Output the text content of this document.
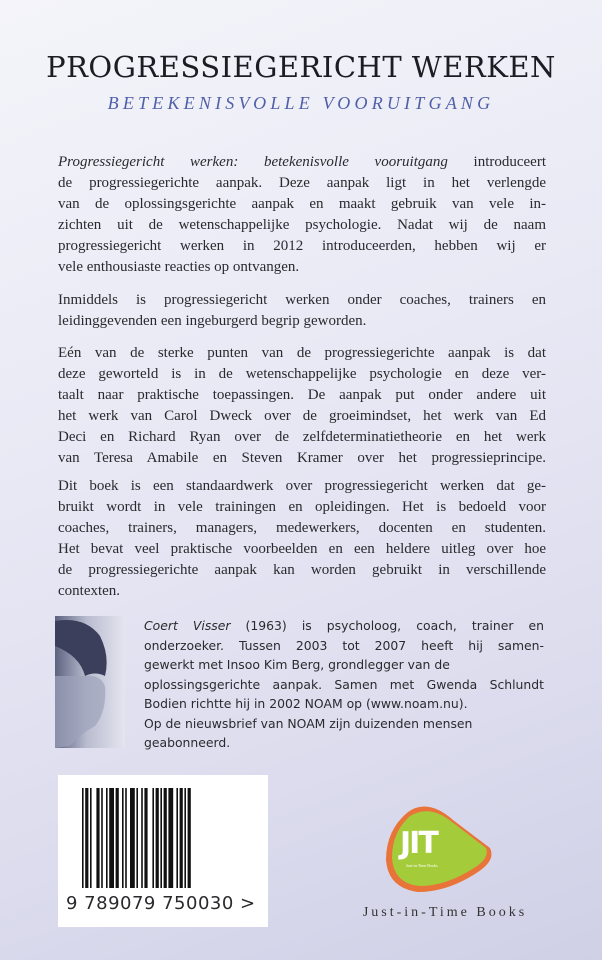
PROGRESSIEGERICHT WERKEN
BETEKENISVOLLE VOORUITGANG
Progressiegericht werken: betekenisvolle vooruitgang introduceert
de progressiegerichte aanpak. Deze aanpak ligt in het verlengde
van de oplossingsgerichte aanpak en maakt gebruik van vele in-
zichten uit de wetenschappelijke psychologie. Nadat wij de naam
progressiegericht werken in 2012 introduceerden, hebben wij er
vele enthousiaste reacties op ontvangen.
Inmiddels is progressiegericht werken onder coaches, trainers en
leidinggevenden een ingeburgerd begrip geworden.
Eén van de sterke punten van de progressiegerichte aanpak is dat
deze geworteld is in de wetenschappelijke psychologie en deze ver-
taalt naar praktische toepassingen. De aanpak put onder andere uit
het werk van Carol Dweck over de groeimindset, het werk van Ed
Deci en Richard Ryan over de zelfdeterminatietheorie en het werk
van Teresa Amabile en Steven Kramer over het progressieprincipe.
Dit boek is een standaardwerk over progressiegericht werken dat ge-
bruikt wordt in vele trainingen en opleidingen. Het is bedoeld voor
coaches, trainers, managers, medewerkers, docenten en studenten.
Het bevat veel praktische voorbeelden en een heldere uitleg over hoe
de progressiegerichte aanpak kan worden gebruikt in verschillende
contexten.
Coert Visser (1963) is psycholoog, coach, trainer en
onderzoeker. Tussen 2003 tot 2007 heeft hij samen-
gewerkt met Insoo Kim Berg, grondlegger van de
oplossingsgerichte aanpak. Samen met Gwenda Schlundt
Bodien richtte hij in 2002 NOAM op (www.noam.nu).
Op de nieuwsbrief van NOAM zijn duizenden mensen
geabonneerd.
9 789079 750030 >
JIT
Just-in-Time Books
Just-in-Time Books
